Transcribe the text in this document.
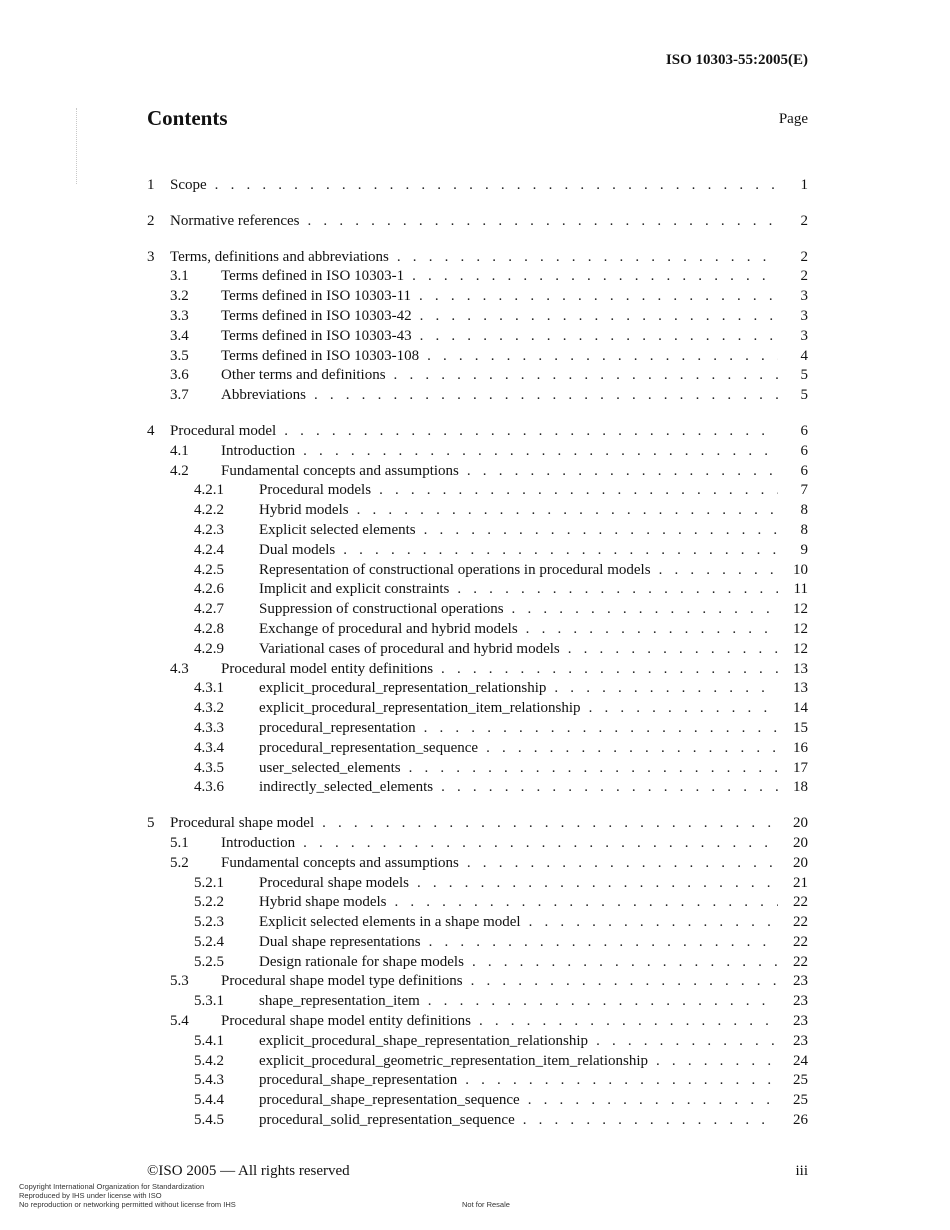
ISO 10303-55:2005(E)
Contents	Page
1	Scope . . .	1
2	Normative references . . .	2
3	Terms, definitions and abbreviations . . .	2
3.1	Terms defined in ISO 10303-1 . . .	2
3.2	Terms defined in ISO 10303-11 . . .	3
3.3	Terms defined in ISO 10303-42 . . .	3
3.4	Terms defined in ISO 10303-43 . . .	3
3.5	Terms defined in ISO 10303-108 . . .	4
3.6	Other terms and definitions . . .	5
3.7	Abbreviations . . .	5
4	Procedural model . . .	6
4.1	Introduction . . .	6
4.2	Fundamental concepts and assumptions . . .	6
4.2.1	Procedural models . . .	7
4.2.2	Hybrid models . . .	8
4.2.3	Explicit selected elements . . .	8
4.2.4	Dual models . . .	9
4.2.5	Representation of constructional operations in procedural models . . .	10
4.2.6	Implicit and explicit constraints . . .	11
4.2.7	Suppression of constructional operations . . .	12
4.2.8	Exchange of procedural and hybrid models . . .	12
4.2.9	Variational cases of procedural and hybrid models . . .	12
4.3	Procedural model entity definitions . . .	13
4.3.1	explicit_procedural_representation_relationship . . .	13
4.3.2	explicit_procedural_representation_item_relationship . . .	14
4.3.3	procedural_representation . . .	15
4.3.4	procedural_representation_sequence . . .	16
4.3.5	user_selected_elements . . .	17
4.3.6	indirectly_selected_elements . . .	18
5	Procedural shape model . . .	20
5.1	Introduction . . .	20
5.2	Fundamental concepts and assumptions . . .	20
5.2.1	Procedural shape models . . .	21
5.2.2	Hybrid shape models . . .	22
5.2.3	Explicit selected elements in a shape model . . .	22
5.2.4	Dual shape representations . . .	22
5.2.5	Design rationale for shape models . . .	22
5.3	Procedural shape model type definitions . . .	23
5.3.1	shape_representation_item . . .	23
5.4	Procedural shape model entity definitions . . .	23
5.4.1	explicit_procedural_shape_representation_relationship . . .	23
5.4.2	explicit_procedural_geometric_representation_item_relationship . . .	24
5.4.3	procedural_shape_representation . . .	25
5.4.4	procedural_shape_representation_sequence . . .	25
5.4.5	procedural_solid_representation_sequence . . .	26
©ISO 2005 — All rights reserved	iii
Copyright International Organization for Standardization
Reproduced by IHS under license with ISO
No reproduction or networking permitted without license from IHS	Not for Resale
